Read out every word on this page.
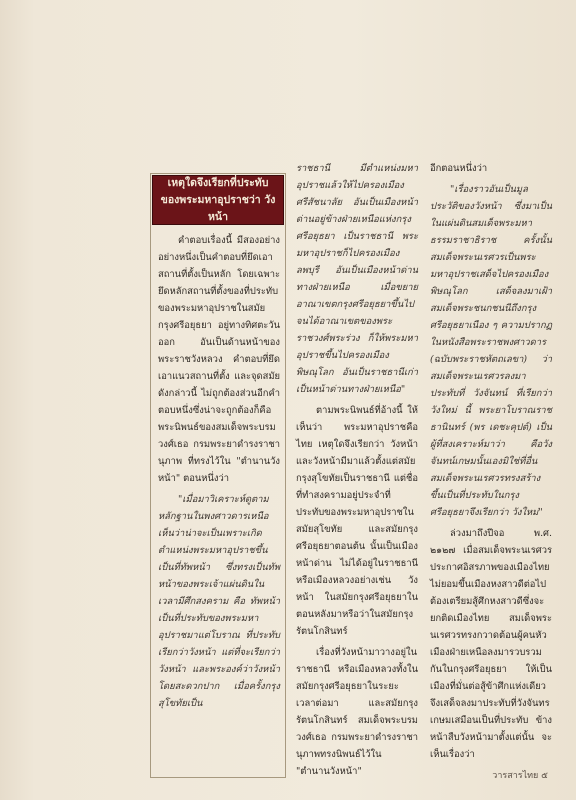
เหตุใดจึงเรียกที่ประทับของพระมหาอุปราชว่า วังหน้า

คำตอบเรื่องนี้ มีสองอย่าง อย่างหนึ่งเป็นคำตอบที่ยึดเอาสถานที่ตั้งเป็นหลัก โดยเฉพาะยึดหลักสถานที่ตั้งของที่ประทับของพระมหาอุปราชในสมัยกรุงศรีอยุธยา อยู่ทางทิศตะวันออก อันเป็นด้านหน้าของพระราชวังหลวง คำตอบที่ยึดเอาแนวสถานที่ตั้ง และจุดสมัยดังกล่าวนี้ ไม่ถูกต้องส่วนอีกคำตอบหนึ่งซึ่งน่าจะถูกต้องก็คือ พระนิพนธ์ของสมเด็จพระบรมวงศ์เธอ กรมพระยาดำรงราชานุภาพ ที่ทรงไว้ใน "ตำนานวังหน้า" ตอนหนึ่งว่า

"เมื่อมาวิเคราะห์ดูตามหลักฐานในพงศาวดารเหนือ เห็นว่าน่าจะเป็นเพราะเกิดตำแหน่งพระมหาอุปราชขึ้นเป็นที่ทัพหน้า ซึ่งทรงเป็นทัพหน้าของพระเจ้าแผ่นดินในเวลามีศึกสงคราม คือ ทัพหน้าเป็นที่ประทับของพระมหาอุปราชมาแต่โบราณ ที่ประทับเรียกว่าวังหน้า แต่ที่จะเรียกว่า วังหน้า และพระองค์ว่าวังหน้า โดยสะดวกปาก เมื่อครั้งกรุงสุโขทัยเป็น

ราชธานี มีตำแหน่งมหาอุปราชแล้วให้ไปครองเมืองศรีสัชนาลัย อันเป็นเมืองหน้าด่านอยู่ข้างฝ่ายเหนือแห่งกรุงศรีอยุธยา เป็นราชธานี พระมหาอุปราชก็ไปครองเมืองลพบุรี อันเป็นเมืองหน้าด่านทางฝ่ายเหนือ เมื่อขยายอาณาเขตกรุงศรีอยุธยาขึ้นไปจนได้อาณาเขตของพระราชวงศ์พระร่วง ก็ให้พระมหาอุปราชขึ้นไปครองเมืองพิษณุโลก อันเป็นราชธานีเก่า เป็นหน้าด่านทางฝ่ายเหนือ"

ตามพระนิพนธ์ที่อ้างนี้ ให้เห็นว่า พระมหาอุปราชคือ ไทย เหตุใดจึงเรียกว่า วังหน้า และวังหน้ามีมาแล้วตั้งแต่สมัยกรุงสุโขทัยเป็นราชธานี แต่ชื่อที่ทำสงครามอยู่ประจำที่ประทับของพระมหาอุปราชในสมัยสุโขทัย และสมัยกรุงศรีอยุธยาตอนต้น นั้นเป็นเมืองหน้าด่าน ไม่ได้อยู่ในราชธานีหรือเมืองหลวงอย่างเช่น วังหน้า ในสมัยกรุงศรีอยุธยาในตอนหลังมาหรือว่าในสมัยกรุงรัตนโกสินทร์

เรื่องที่วังหน้ามาวางอยู่ในราชธานี หรือเมืองหลวงทั้งในสมัยกรุงศรีอยุธยาในระยะเวลาต่อมา และสมัยกรุงรัตนโกสินทร์ สมเด็จพระบรมวงศ์เธอ กรมพระยาดำรงราชานุภาพทรงนิพนธ์ไว้ใน "ตำนานวังหน้า"

อีกตอนหนึ่งว่า

"เรื่องราวอันเป็นมูลประวัติของวังหน้า ซึ่งมาเป็นในแผ่นดินสมเด็จพระมหาธรรมราชาธิราช ครั้งนั้นสมเด็จพระนเรศวรเป็นพระมหาอุปราชเสด็จไปครองเมืองพิษณุโลก เสด็จลงมาเฝ้าสมเด็จพระชนกชนนีถึงกรุงศรีอยุธยาเนือง ๆ ความปรากฏในหนังสือพระราชพงศาวดาร (ฉบับพระราชหัตถเลขา) ว่า สมเด็จพระนเรศวรลงมาประทับที่ วังจันทน์ ที่เรียกว่า วังใหม่ นี้ พระยาโบราณราชธานินทร์ (พร เดชะคุปต์) เป็นผู้ที่สงเคราะห์มาว่า คือวังจันทน์เกษมนั้นเองมิใช่ที่อื่น สมเด็จพระนเรศวรทรงสร้างขึ้นเป็นที่ประทับในกรุงศรีอยุธยาจึงเรียกว่า วังใหม่"

ล่วงมาถึงปีจอ พ.ศ. ๒๑๒๗ เมื่อสมเด็จพระนเรศวรประกาศอิสรภาพของเมืองไทย ไม่ยอมขึ้นเมืองหงสาวดีต่อไป ต้องเตรียมสู้ศึกหงสาวดีซึ่งจะยกติดเมืองไทย สมเด็จพระนเรศวรทรงกวาดต้อนผู้คนหัวเมืองฝ่ายเหนือลงมารวบรวมกันในกรุงศรีอยุธยา ให้เป็นเมืองที่มั่นต่อสู้ข้าศึกแห่งเดียว จึงเสด็จลงมาประทับที่วังจันทรเกษมเสมือนเป็นที่ประทับ ข้างหน้าสืบวังหน้ามาตั้งแต่นั้น จะเห็นเรื่องว่า

วารสารไทย ๕
